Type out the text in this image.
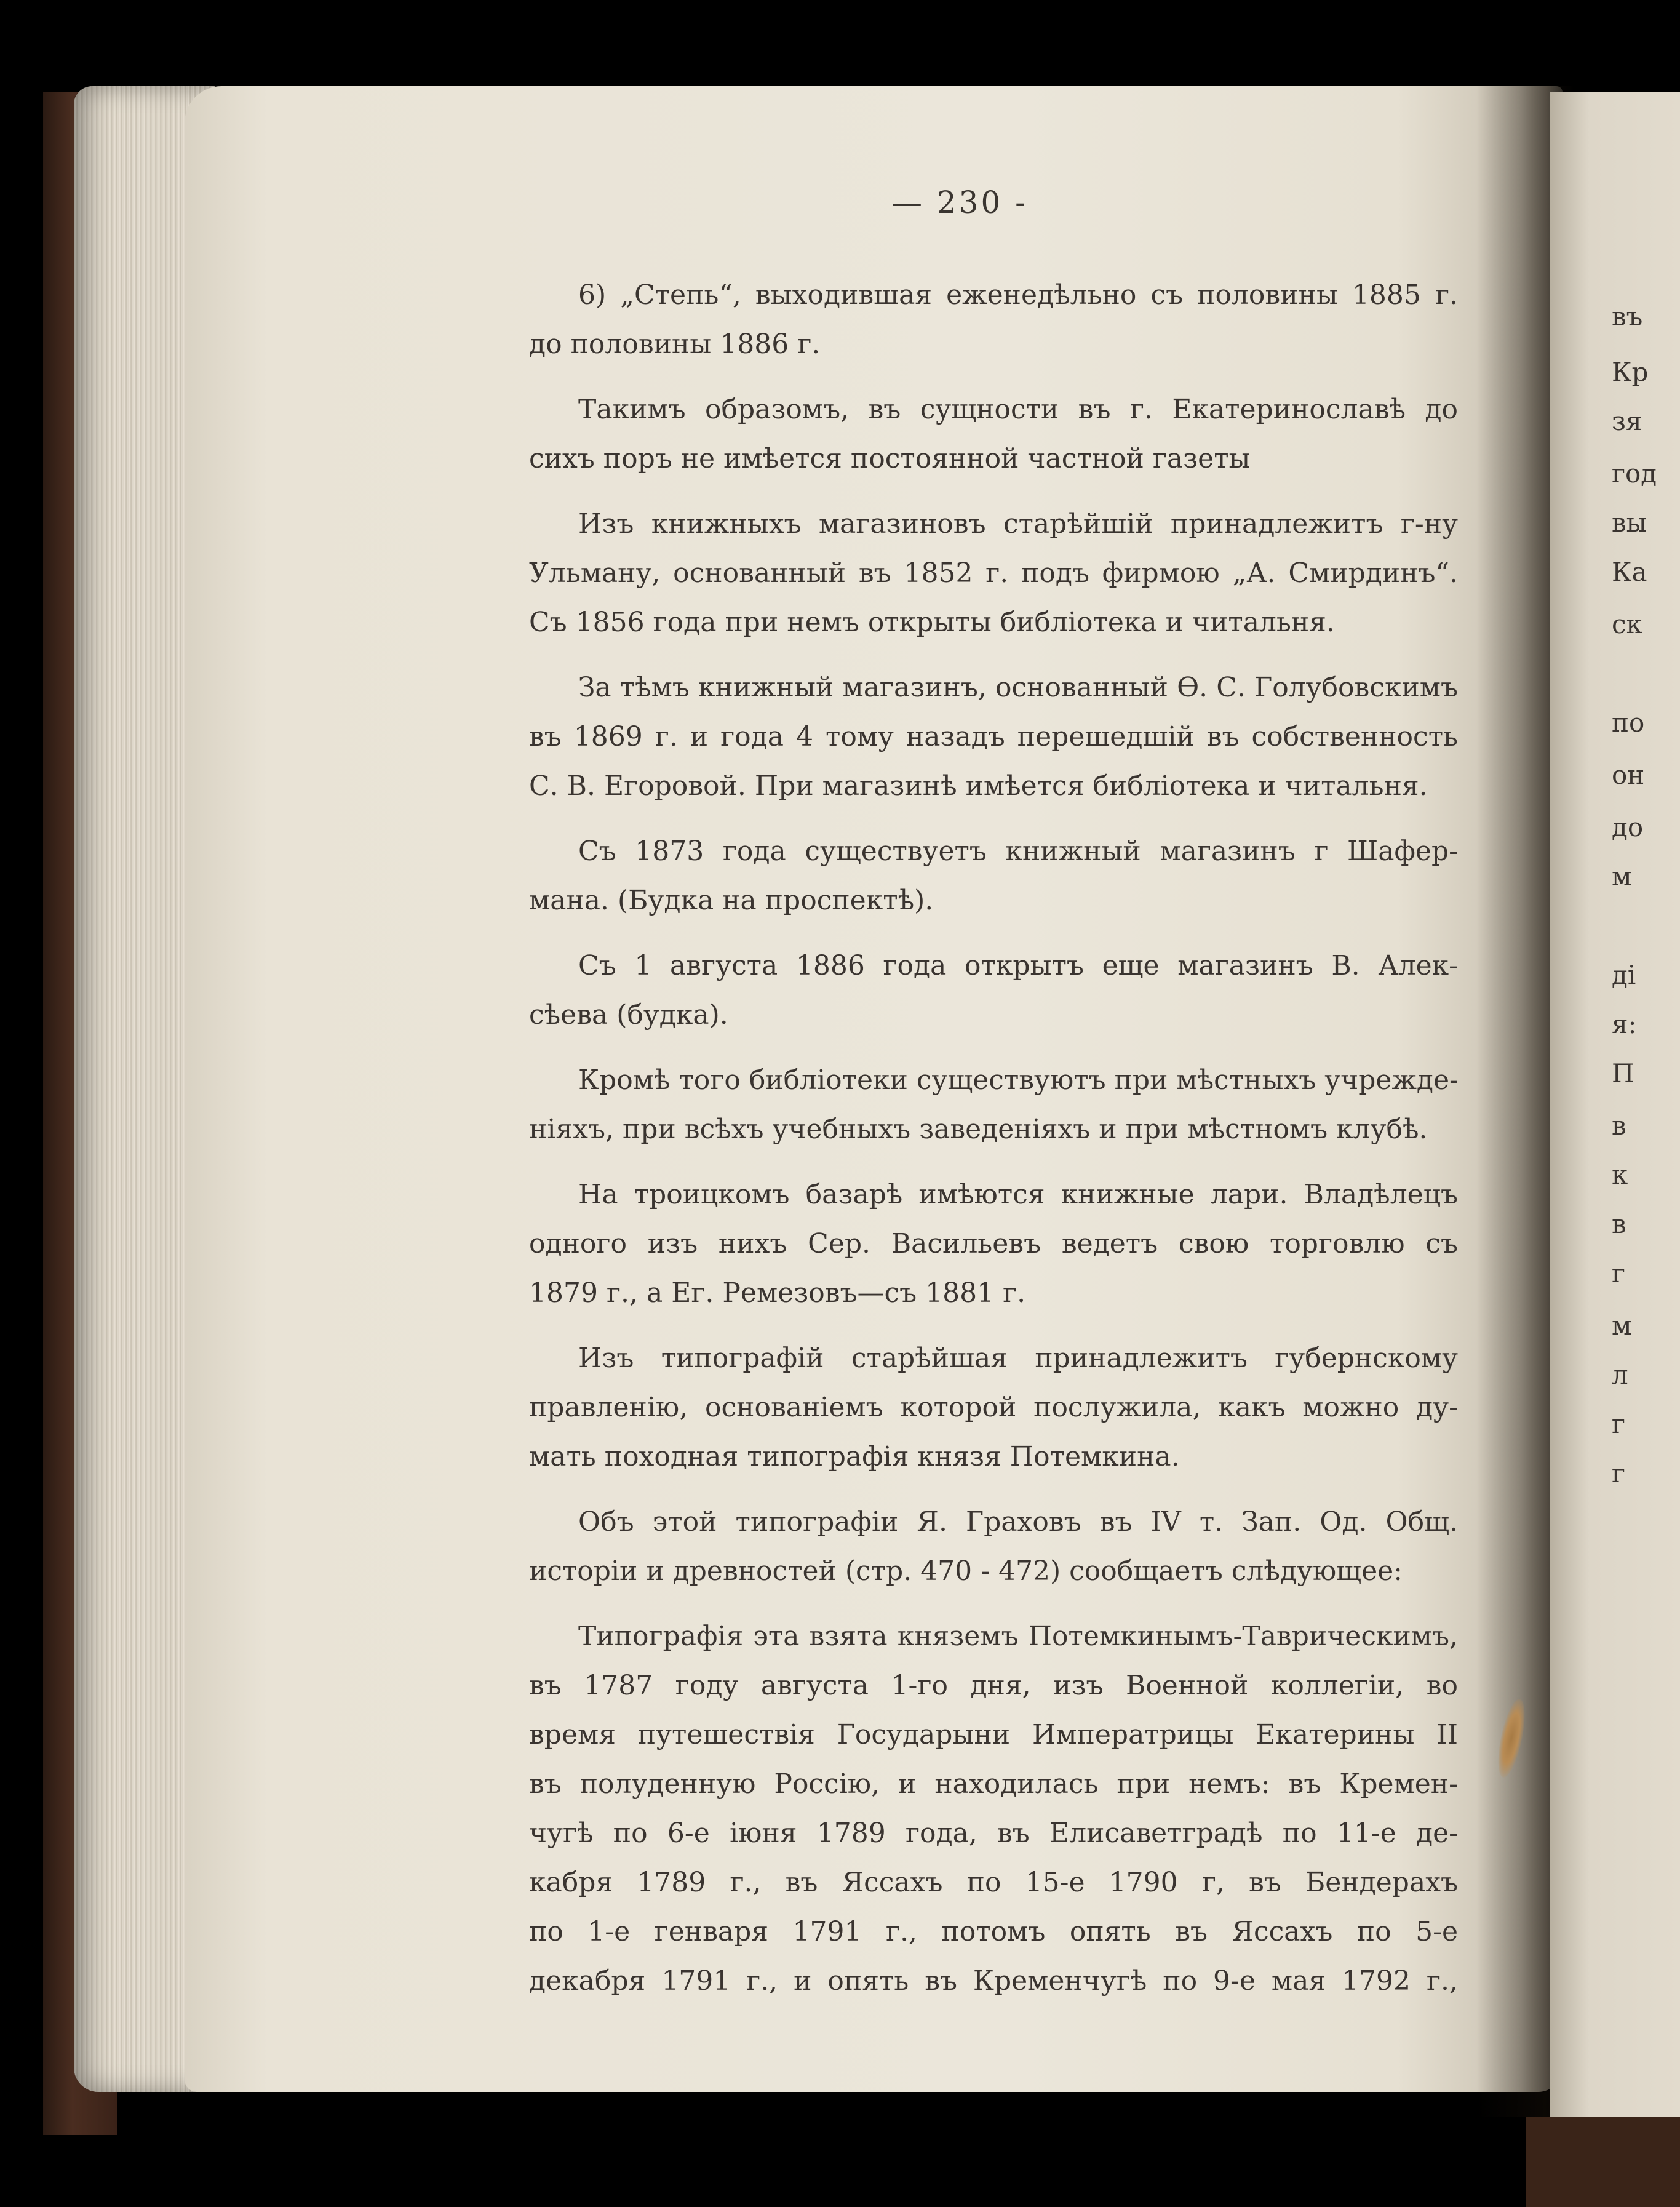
— 230 -
6) „Степь“, выходившая еженедѣльно съ половины 1885 г.
до половины 1886 г.
Такимъ образомъ, въ сущности въ г. Екатеринославѣ до
сихъ поръ не имѣется постоянной частной газеты
Изъ книжныхъ магазиновъ старѣйшій принадлежитъ г-ну
Ульману, основанный въ 1852 г. подъ фирмою „А. Смирдинъ“.
Съ 1856 года при немъ открыты библіотека и читальня.
За тѣмъ книжный магазинъ, основанный Ѳ. С. Голубовскимъ
въ 1869 г. и года 4 тому назадъ перешедшій въ собственность
С. В. Егоровой. При магазинѣ имѣется библіотека и читальня.
Съ 1873 года существуетъ книжный магазинъ г Шафер-
мана. (Будка на проспектѣ).
Съ 1 августа 1886 года открытъ еще магазинъ В. Алек-
сѣева (будка).
Кромѣ того библіотеки существуютъ при мѣстныхъ учрежде-
ніяхъ, при всѣхъ учебныхъ заведеніяхъ и при мѣстномъ клубѣ.
На троицкомъ базарѣ имѣются книжные лари. Владѣлецъ
одного изъ нихъ Сер. Васильевъ ведетъ свою торговлю съ
1879 г., а Ег. Ремезовъ—съ 1881 г.
Изъ типографій старѣйшая принадлежитъ губернскому
правленію, основаніемъ которой послужила, какъ можно ду-
мать походная типографія князя Потемкина.
Объ этой типографіи Я. Граховъ въ IV т. Зап. Од. Общ.
исторіи и древностей (стр. 470 - 472) сообщаетъ слѣдующее:
Типографія эта взята княземъ Потемкинымъ-Таврическимъ,
въ 1787 году августа 1-го дня, изъ Военной коллегіи, во
время путешествія Государыни Императрицы Екатерины II
въ полуденную Россію, и находилась при немъ: въ Кремен-
чугѣ по 6-е іюня 1789 года, въ Елисаветградѣ по 11-е де-
кабря 1789 г., въ Яссахъ по 15-е 1790 г, въ Бендерахъ
по 1-е генваря 1791 г., потомъ опять въ Яссахъ по 5-е
декабря 1791 г., и опять въ Кременчугѣ по 9-е мая 1792 г.,
въ
Кр
зя
год
вы
Ка
ск
по
он
до
м
ді
я:
П
в
к
в
г
м
л
г
г
